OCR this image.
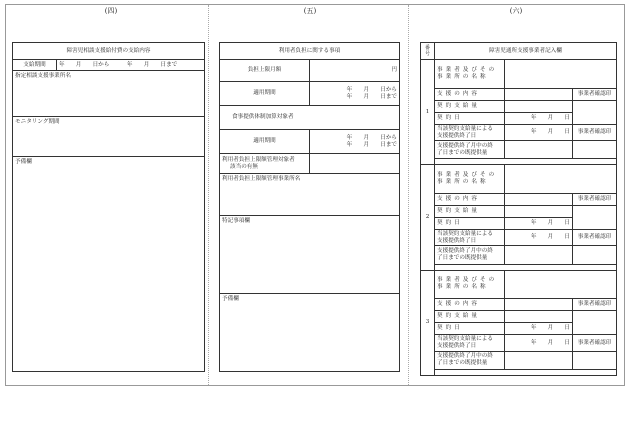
(四)
障害児相談支援給付費の支給内容
支給期間	年　　月　　日から	年　　月　　日まで
指定相談支援事業所名
モニタリング期間
予備欄
(五)
利用者負担に関する事項	
負担上限月額	円
適用期間	年　　月　　日から
年　　月　　日まで

食事提供体制加算対象者	
適用期間	年　　月　　日から
年　　月　　日まで

利用者負担上限額管理対象者
該当の有無	

利用者負担上限額管理事業所名	
特記事項欄	
予備欄	
(六)
番号	障害児通所支援事業者記入欄		
1	事業者及びその
事業所の名称		

	支援の内容		事業者確認印
	契約支給量		
	契約日	年　　月　　日	

	当該契約支給量による
支援提供終了日	年　　月　　日	事業者確認印

	支援提供終了月中の終
了日までの既提供量		

2	事業者及びその
事業所の名称		

	支援の内容		事業者確認印
	契約支給量		
	契約日	年　　月　　日	

	当該契約支給量による
支援提供終了日	年　　月　　日	事業者確認印

	支援提供終了月中の終
了日までの既提供量		

3	事業者及びその
事業所の名称		

	支援の内容		事業者確認印
	契約支給量		
	契約日	年　　月　　日	

	当該契約支給量による
支援提供終了日	年　　月　　日	事業者確認印

	支援提供終了月中の終
了日までの既提供量		
